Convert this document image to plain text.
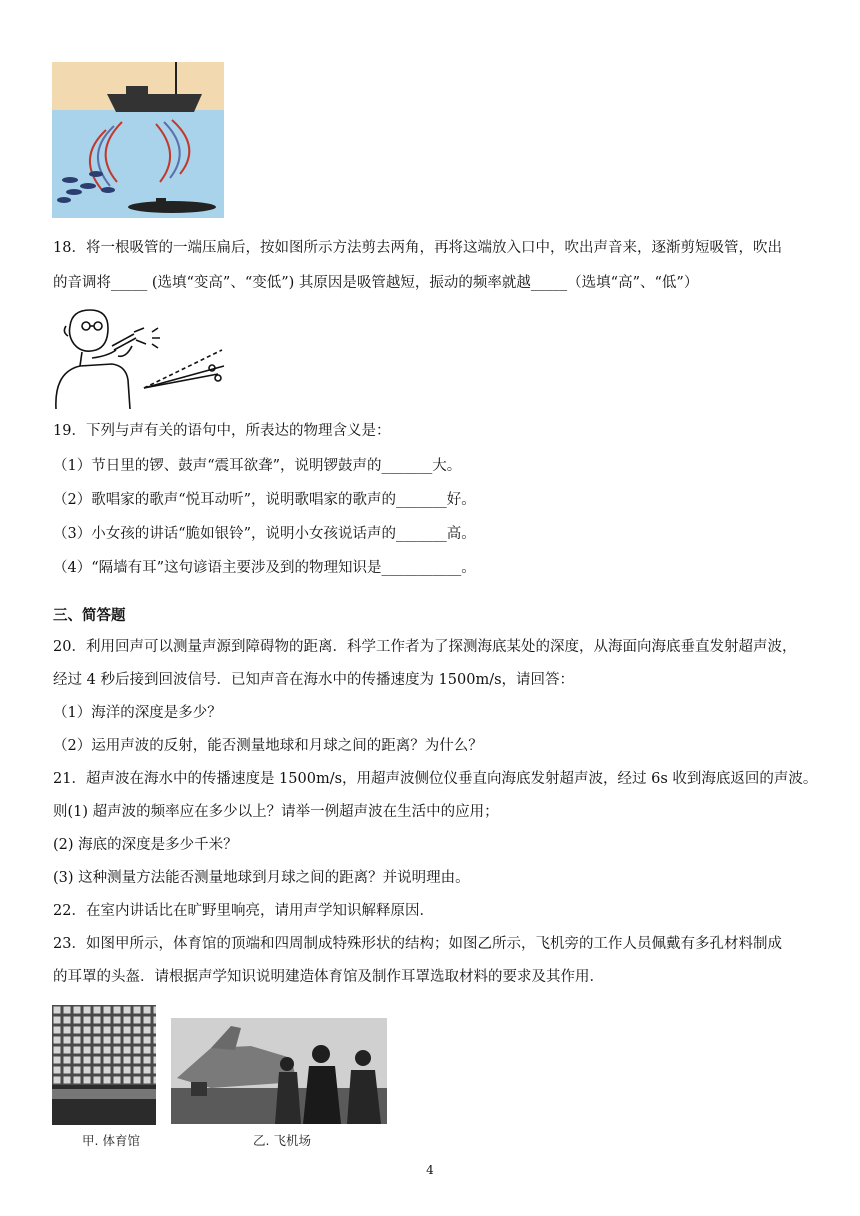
18．将一根吸管的一端压扁后，按如图所示方法剪去两角，再将这端放入口中，吹出声音来，逐渐剪短吸管，吹出
的音调将_____ (选填“变高”、“变低”) 其原因是吸管越短，振动的频率就越_____（选填“高”、“低”）
19．下列与声有关的语句中，所表达的物理含义是：
（1）节日里的锣、鼓声“震耳欲聋”，说明锣鼓声的_______大。
（2）歌唱家的歌声“悦耳动听”，说明歌唱家的歌声的_______好。
（3）小女孩的讲话“脆如银铃”，说明小女孩说话声的_______高。
（4）“隔墙有耳”这句谚语主要涉及到的物理知识是___________。
三、简答题
20．利用回声可以测量声源到障碍物的距离．科学工作者为了探测海底某处的深度，从海面向海底垂直发射超声波，
经过 4 秒后接到回波信号．已知声音在海水中的传播速度为 1500m/s，请回答：
（1）海洋的深度是多少？
（2）运用声波的反射，能否测量地球和月球之间的距离？为什么？
21．超声波在海水中的传播速度是 1500m/s，用超声波侧位仪垂直向海底发射超声波，经过 6s 收到海底返回的声波。
则(1) 超声波的频率应在多少以上？请举一例超声波在生活中的应用；
(2) 海底的深度是多少千米？
(3) 这种测量方法能否测量地球到月球之间的距离？并说明理由。
22．在室内讲话比在旷野里响亮，请用声学知识解释原因．
23．如图甲所示，体育馆的顶端和四周制成特殊形状的结构；如图乙所示，飞机旁的工作人员佩戴有多孔材料制成
的耳罩的头盔．请根据声学知识说明建造体育馆及制作耳罩选取材料的要求及其作用．
甲. 体育馆	乙. 飞机场
4
